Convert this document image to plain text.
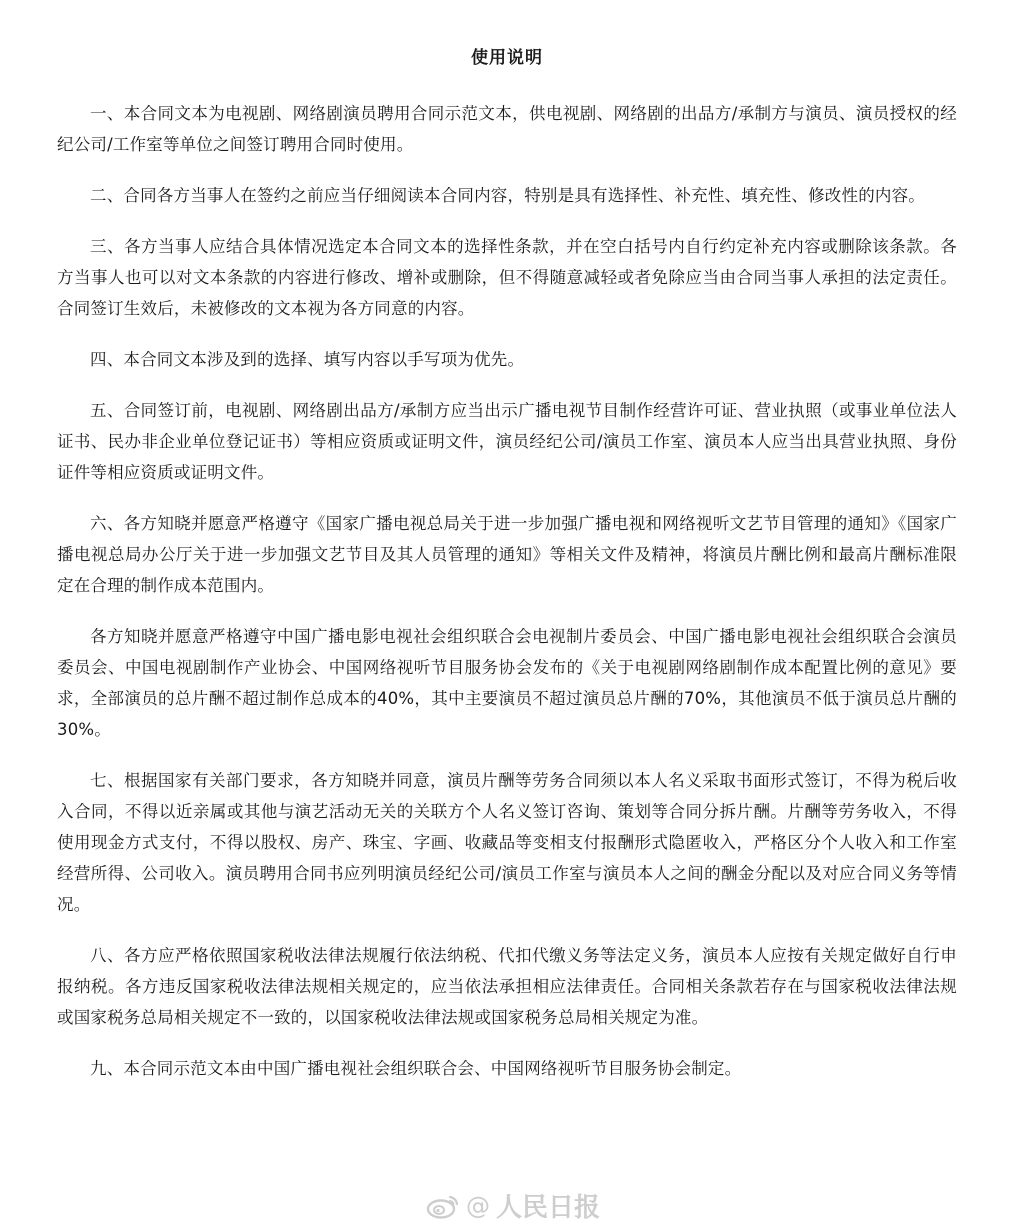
使用说明

一、本合同文本为电视剧、网络剧演员聘用合同示范文本，供电视剧、网络剧的出品方/承制方与演员、演员授权的经纪公司/工作室等单位之间签订聘用合同时使用。

二、合同各方当事人在签约之前应当仔细阅读本合同内容，特别是具有选择性、补充性、填充性、修改性的内容。

三、各方当事人应结合具体情况选定本合同文本的选择性条款，并在空白括号内自行约定补充内容或删除该条款。各方当事人也可以对文本条款的内容进行修改、增补或删除，但不得随意减轻或者免除应当由合同当事人承担的法定责任。合同签订生效后，未被修改的文本视为各方同意的内容。

四、本合同文本涉及到的选择、填写内容以手写项为优先。

五、合同签订前，电视剧、网络剧出品方/承制方应当出示广播电视节目制作经营许可证、营业执照（或事业单位法人证书、民办非企业单位登记证书）等相应资质或证明文件，演员经纪公司/演员工作室、演员本人应当出具营业执照、身份证件等相应资质或证明文件。

六、各方知晓并愿意严格遵守《国家广播电视总局关于进一步加强广播电视和网络视听文艺节目管理的通知》《国家广播电视总局办公厅关于进一步加强文艺节目及其人员管理的通知》等相关文件及精神，将演员片酬比例和最高片酬标准限定在合理的制作成本范围内。

各方知晓并愿意严格遵守中国广播电影电视社会组织联合会电视制片委员会、中国广播电影电视社会组织联合会演员委员会、中国电视剧制作产业协会、中国网络视听节目服务协会发布的《关于电视剧网络剧制作成本配置比例的意见》要求，全部演员的总片酬不超过制作总成本的40%，其中主要演员不超过演员总片酬的70%，其他演员不低于演员总片酬的30%。

七、根据国家有关部门要求，各方知晓并同意，演员片酬等劳务合同须以本人名义采取书面形式签订，不得为税后收入合同，不得以近亲属或其他与演艺活动无关的关联方个人名义签订咨询、策划等合同分拆片酬。片酬等劳务收入，不得使用现金方式支付，不得以股权、房产、珠宝、字画、收藏品等变相支付报酬形式隐匿收入，严格区分个人收入和工作室经营所得、公司收入。演员聘用合同书应列明演员经纪公司/演员工作室与演员本人之间的酬金分配以及对应合同义务等情况。

八、各方应严格依照国家税收法律法规履行依法纳税、代扣代缴义务等法定义务，演员本人应按有关规定做好自行申报纳税。各方违反国家税收法律法规相关规定的，应当依法承担相应法律责任。合同相关条款若存在与国家税收法律法规或国家税务总局相关规定不一致的，以国家税收法律法规或国家税务总局相关规定为准。

九、本合同示范文本由中国广播电视社会组织联合会、中国网络视听节目服务协会制定。

@ 人民日报
